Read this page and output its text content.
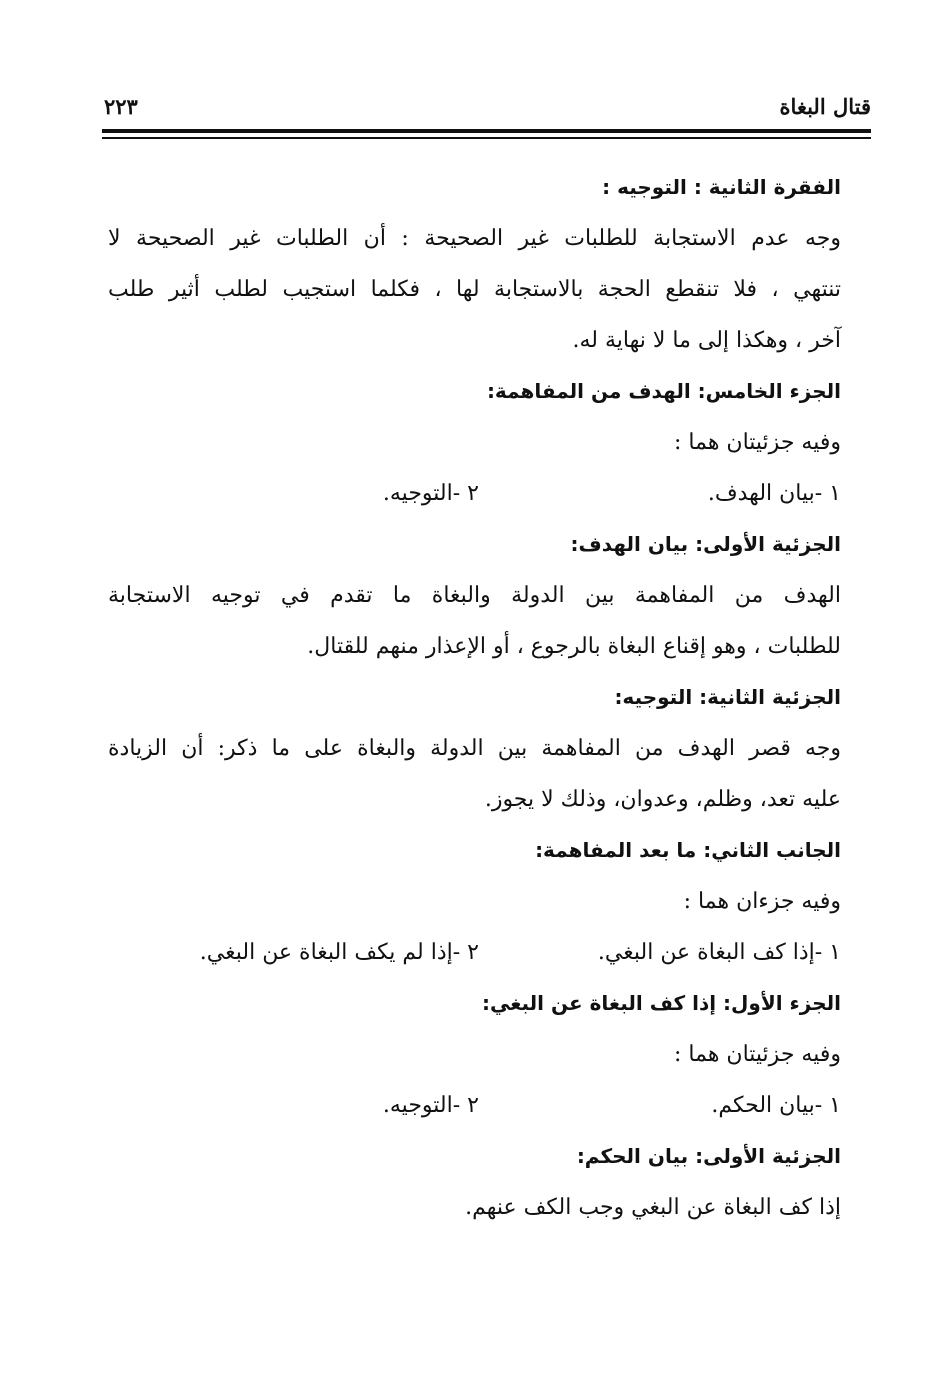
قتال البغاة
٢٢٣
الفقرة الثانية : التوجيه :
وجه عدم الاستجابة للطلبات غير الصحيحة : أن الطلبات غير الصحيحة لا
تنتهي ، فلا تنقطع الحجة بالاستجابة لها ، فكلما استجيب لطلب أثير طلب
آخر ، وهكذا إلى ما لا نهاية له.
الجزء الخامس: الهدف من المفاهمة:
وفيه جزئيتان هما :
١ -بيان الهدف.
٢ -التوجيه.
الجزئية الأولى: بيان الهدف:
الهدف من المفاهمة بين الدولة والبغاة ما تقدم في توجيه الاستجابة
للطلبات ، وهو إقناع البغاة بالرجوع ، أو الإعذار منهم للقتال.
الجزئية الثانية: التوجيه:
وجه قصر الهدف من المفاهمة بين الدولة والبغاة على ما ذكر: أن الزيادة
عليه تعد، وظلم، وعدوان، وذلك لا يجوز.
الجانب الثاني: ما بعد المفاهمة:
وفيه جزءان هما :
١ -إذا كف البغاة عن البغي.
٢ -إذا لم يكف البغاة عن البغي.
الجزء الأول: إذا كف البغاة عن البغي:
وفيه جزئيتان هما :
١ -بيان الحكم.
٢ -التوجيه.
الجزئية الأولى: بيان الحكم:
إذا كف البغاة عن البغي وجب الكف عنهم.
